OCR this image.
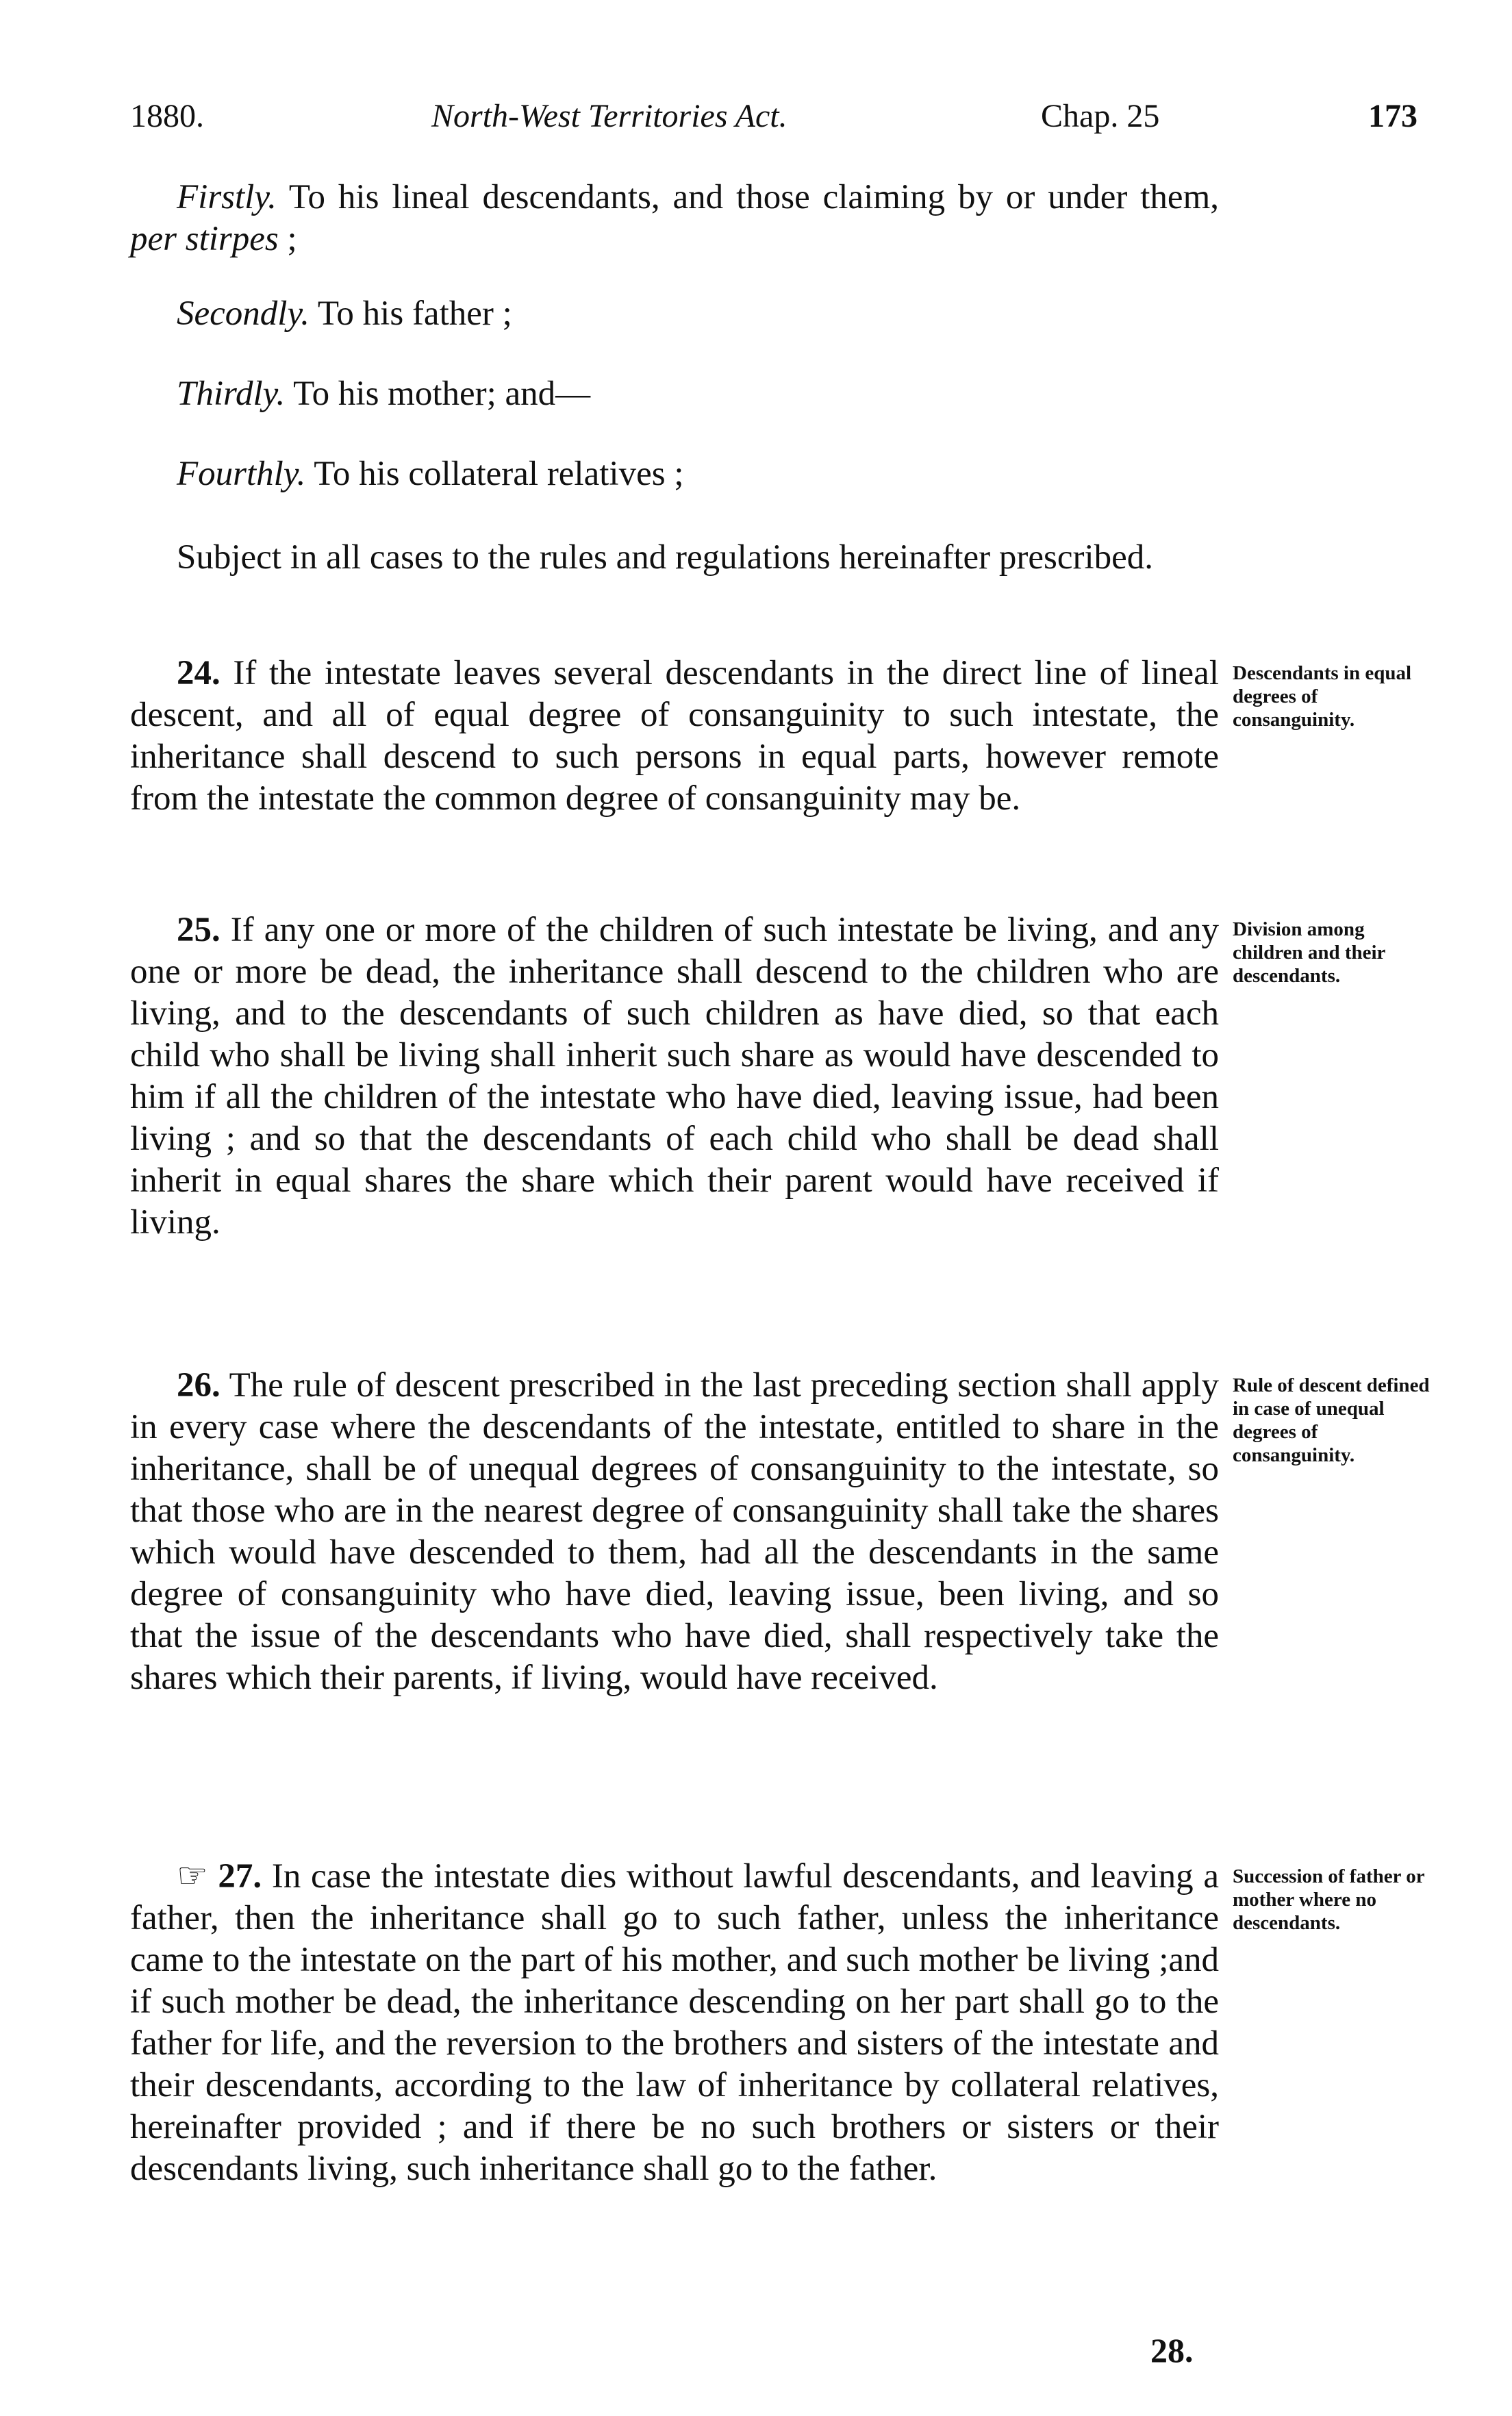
1880.	North-West Territories Act.	Chap. 25	173

Firstly. To his lineal descendants, and those claiming by or under them, per stirpes ;

Secondly. To his father ;

Thirdly. To his mother; and—

Fourthly. To his collateral relatives ;

Subject in all cases to the rules and regulations hereinafter prescribed.

24. If the intestate leaves several descendants in the direct line of lineal descent, and all of equal degree of consanguinity to such intestate, the inheritance shall descend to such persons in equal parts, however remote from the intestate the common degree of consanguinity may be.

Descendants in equal degrees of consanguinity.

25. If any one or more of the children of such intestate be living, and any one or more be dead, the inheritance shall descend to the children who are living, and to the descendants of such children as have died, so that each child who shall be living shall inherit such share as would have descended to him if all the children of the intestate who have died, leaving issue, had been living ; and so that the descendants of each child who shall be dead shall inherit in equal shares the share which their parent would have received if living.

Division among children and their descendants.

26. The rule of descent prescribed in the last preceding section shall apply in every case where the descendants of the intestate, entitled to share in the inheritance, shall be of unequal degrees of consanguinity to the intestate, so that those who are in the nearest degree of consanguinity shall take the shares which would have descended to them, had all the descendants in the same degree of consanguinity who have died, leaving issue, been living, and so that the issue of the descendants who have died, shall respectively take the shares which their parents, if living, would have received.

Rule of descent defined in case of unequal degrees of consanguinity.

☞ 27. In case the intestate dies without lawful descendants, and leaving a father, then the inheritance shall go to such father, unless the inheritance came to the intestate on the part of his mother, and such mother be living ;and if such mother be dead, the inheritance descending on her part shall go to the father for life, and the reversion to the brothers and sisters of the intestate and their descendants, according to the law of inheritance by collateral relatives, hereinafter provided ; and if there be no such brothers or sisters or their descendants living, such inheritance shall go to the father.

Succession of father or mother where no descendants.
28.
